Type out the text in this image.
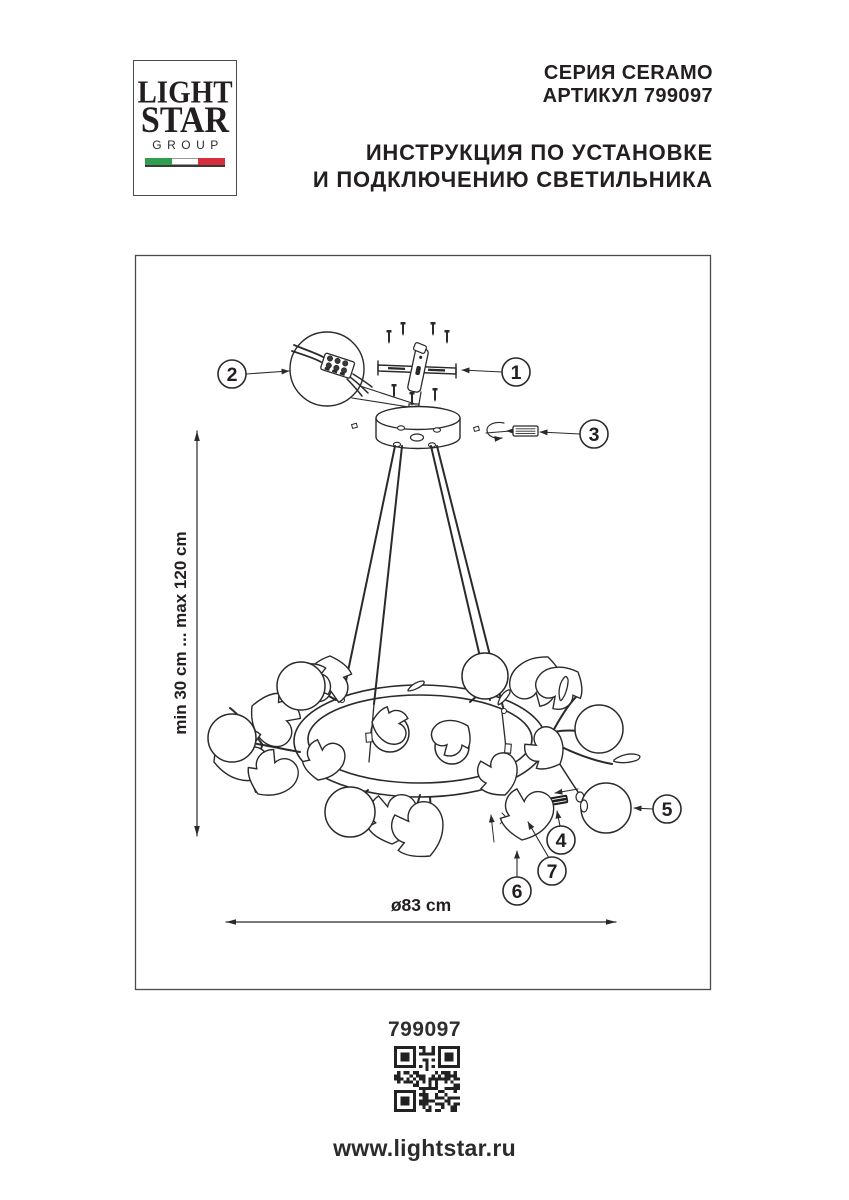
LIGHT
STAR
GROUP
СЕРИЯ CERAMO
АРТИКУЛ 799097
ИНСТРУКЦИЯ ПО УСТАНОВКЕ
И ПОДКЛЮЧЕНИЮ СВЕТИЛЬНИКА
min 30 cm ... max 120 cm
ø83 cm
1
2
3
4
5
6
7
799097
www.lightstar.ru
